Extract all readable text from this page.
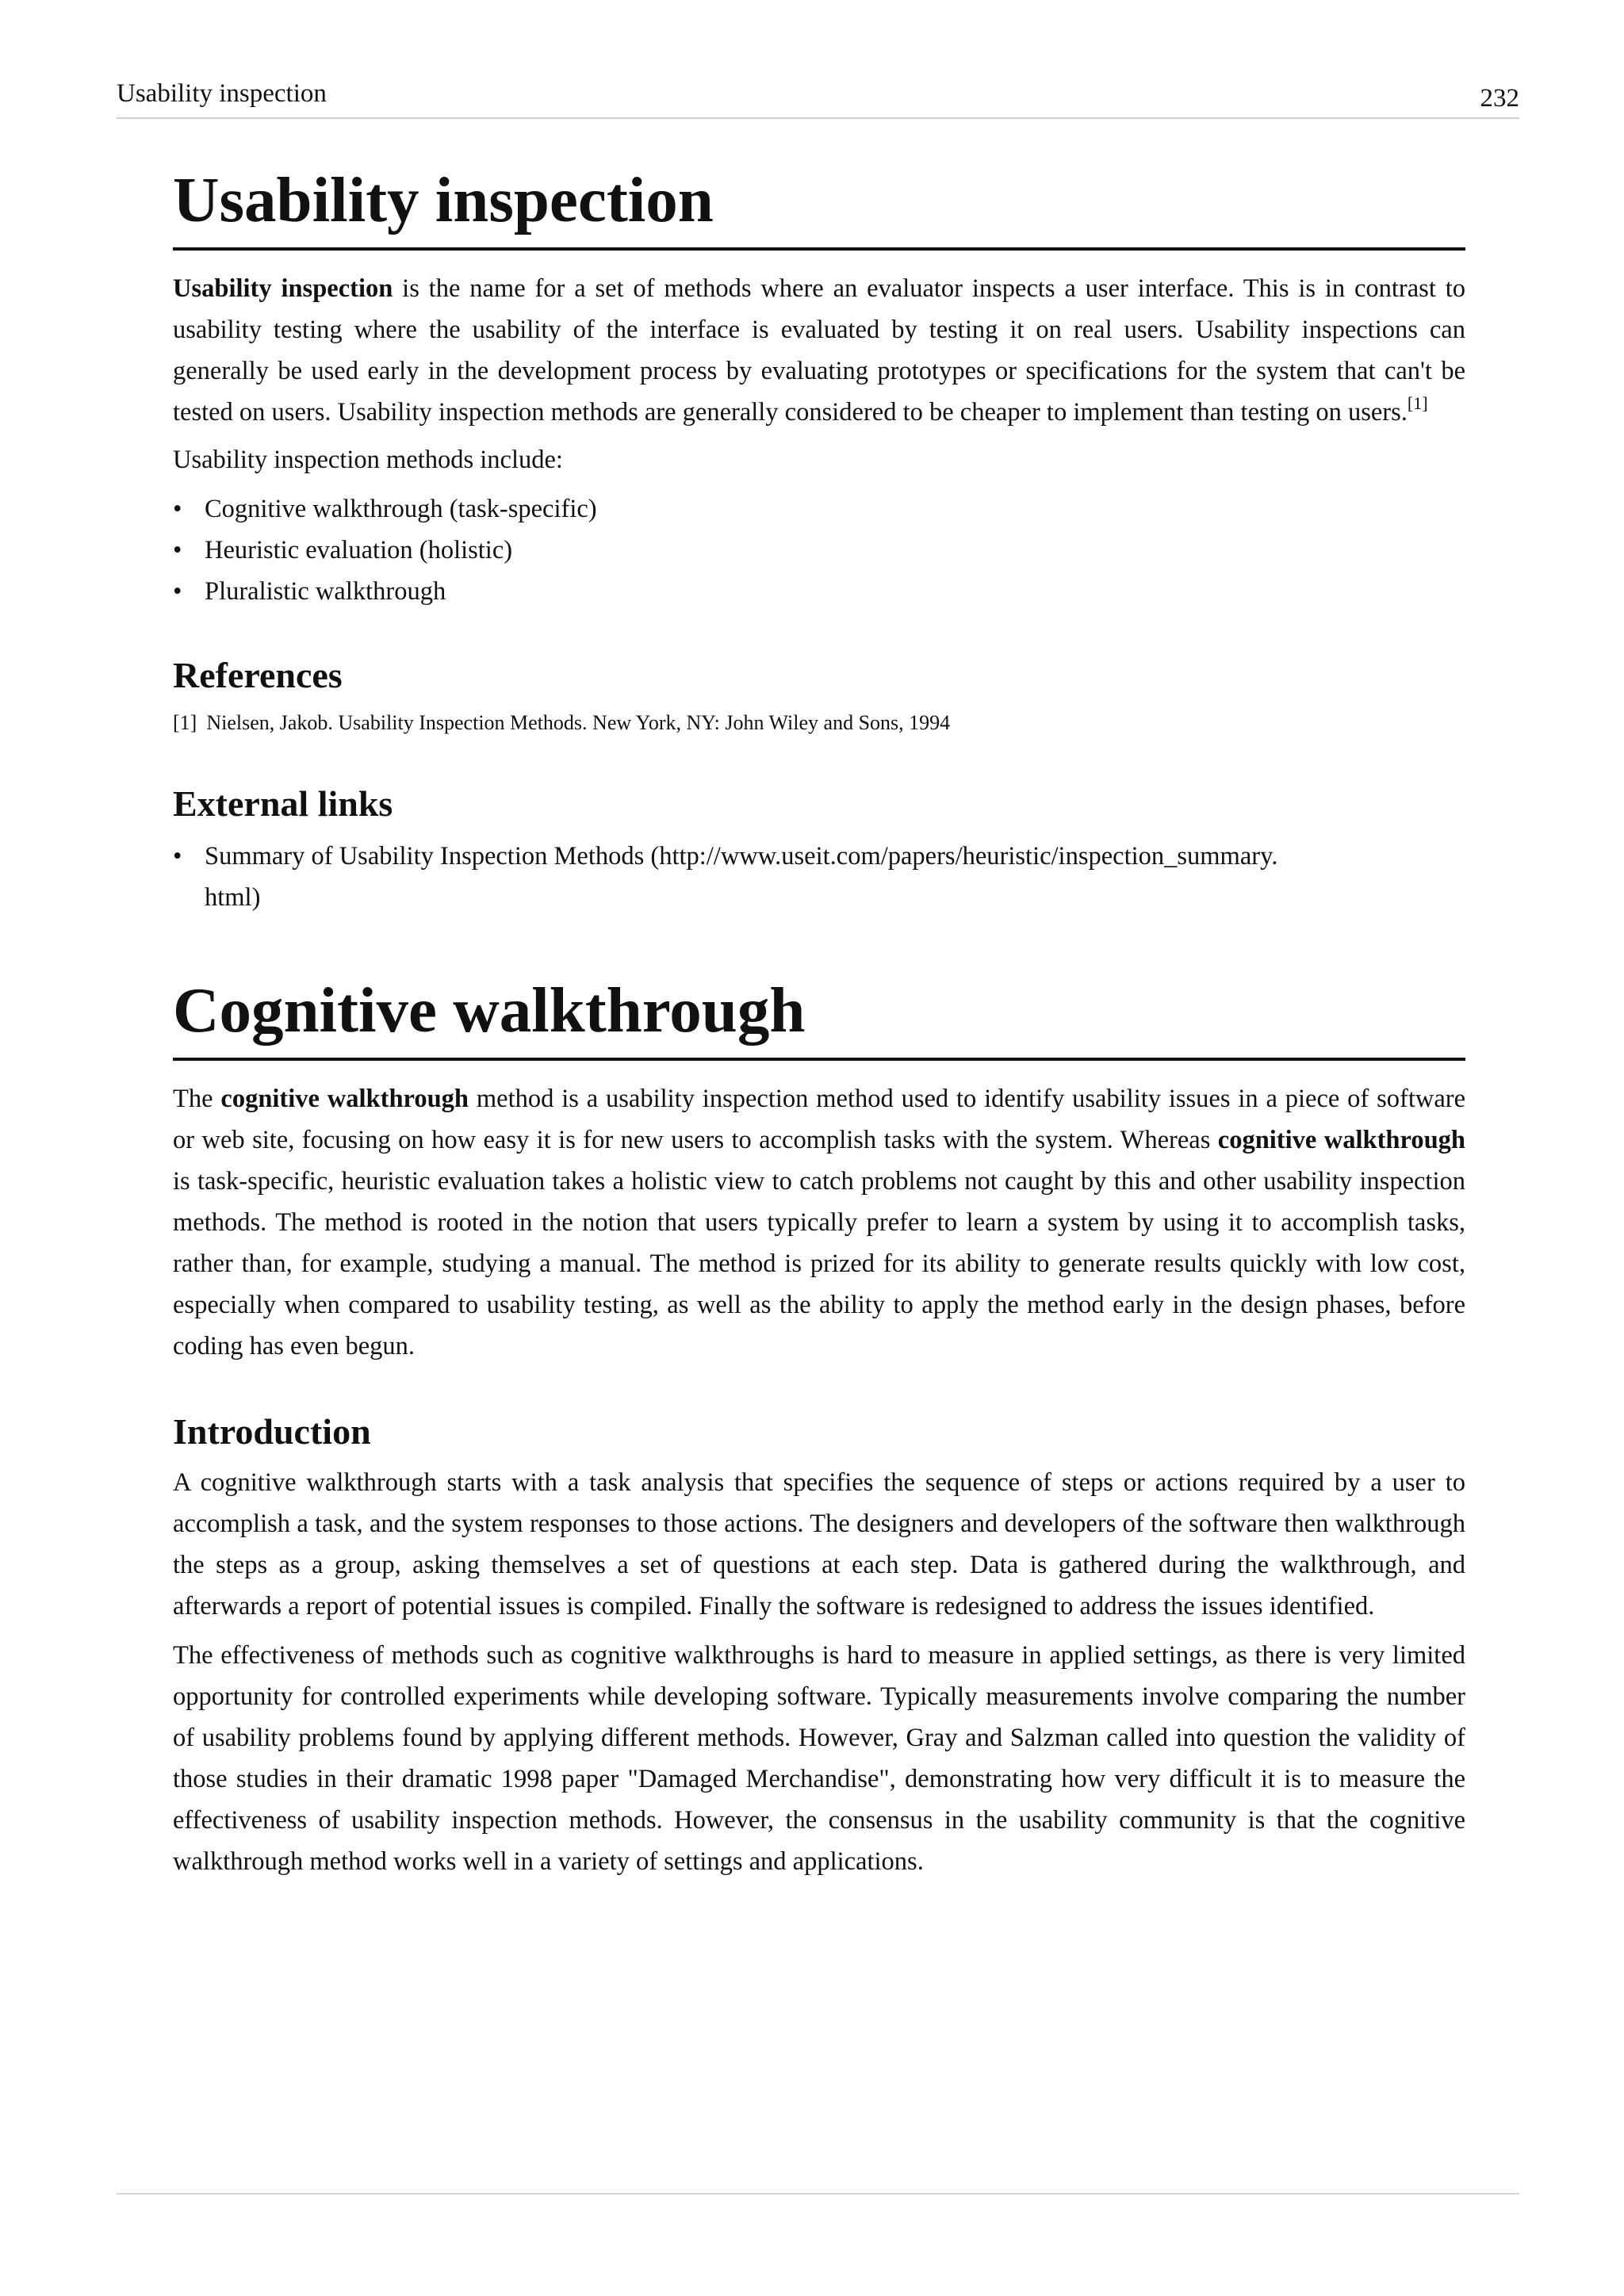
Usability inspection	232
Usability inspection

Usability inspection is the name for a set of methods where an evaluator inspects a user interface. This is in contrast to usability testing where the usability of the interface is evaluated by testing it on real users. Usability inspections can generally be used early in the development process by evaluating prototypes or specifications for the system that can't be tested on users. Usability inspection methods are generally considered to be cheaper to implement than testing on users.[1]

Usability inspection methods include:

• Cognitive walkthrough (task-specific)
• Heuristic evaluation (holistic)
• Pluralistic walkthrough
References
[1] Nielsen, Jakob. Usability Inspection Methods. New York, NY: John Wiley and Sons, 1994
External links
• Summary of Usability Inspection Methods (http://www.useit.com/papers/heuristic/inspection_summary.
html)
Cognitive walkthrough

The cognitive walkthrough method is a usability inspection method used to identify usability issues in a piece of software or web site, focusing on how easy it is for new users to accomplish tasks with the system. Whereas cognitive walkthrough is task-specific, heuristic evaluation takes a holistic view to catch problems not caught by this and other usability inspection methods. The method is rooted in the notion that users typically prefer to learn a system by using it to accomplish tasks, rather than, for example, studying a manual. The method is prized for its ability to generate results quickly with low cost, especially when compared to usability testing, as well as the ability to apply the method early in the design phases, before coding has even begun.

Introduction

A cognitive walkthrough starts with a task analysis that specifies the sequence of steps or actions required by a user to accomplish a task, and the system responses to those actions. The designers and developers of the software then walkthrough the steps as a group, asking themselves a set of questions at each step. Data is gathered during the walkthrough, and afterwards a report of potential issues is compiled. Finally the software is redesigned to address the issues identified.

The effectiveness of methods such as cognitive walkthroughs is hard to measure in applied settings, as there is very limited opportunity for controlled experiments while developing software. Typically measurements involve comparing the number of usability problems found by applying different methods. However, Gray and Salzman called into question the validity of those studies in their dramatic 1998 paper "Damaged Merchandise", demonstrating how very difficult it is to measure the effectiveness of usability inspection methods. However, the consensus in the usability community is that the cognitive walkthrough method works well in a variety of settings and applications.
